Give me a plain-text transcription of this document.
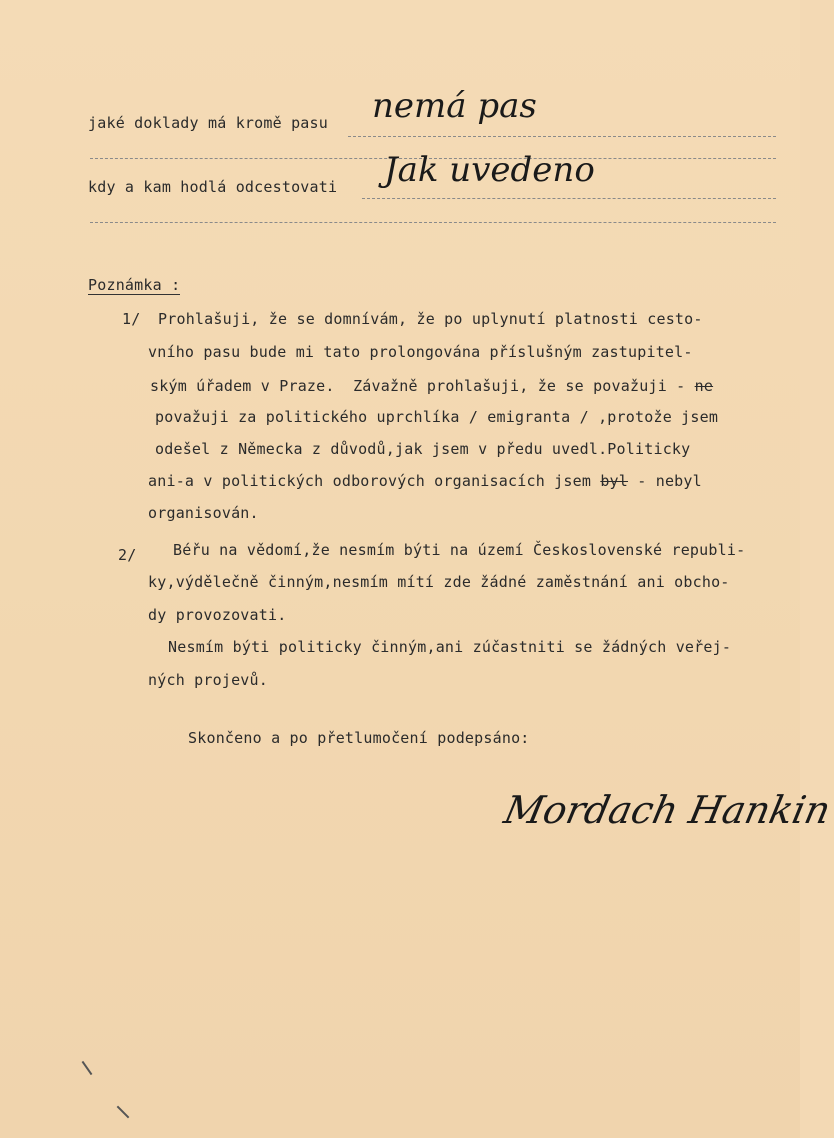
jaké doklady má kromě pasu nemá pas
kdy a kam hodlá odcestovati Jak uvedeno
Poznámka :
1/ Prohlašuji, že se domnívám, že po uplynutí platnosti cesto-
vního pasu bude mi tato prolongována příslušným zastupitel-
ským úřadem v Praze.  Závažně prohlašuji, že se považuji - ne
považuji za politického uprchlíka / emigranta / ,protože jsem
odešel z Německa z důvodů,jak jsem v předu uvedl.Politicky
ani-a v politických odborových organisacích jsem byl - nebyl
organisován.
2/ Béřu na vědomí,že nesmím býti na území Československé republi-
ky,výdělečně činným,nesmím mítí zde žádné zaměstnání ani obcho-
dy provozovati.
Nesmím býti politicky činným,ani zúčastniti se žádných veřej-
ných projevů.
Skončeno a po přetlumočení podepsáno:
Mordach Hankin
